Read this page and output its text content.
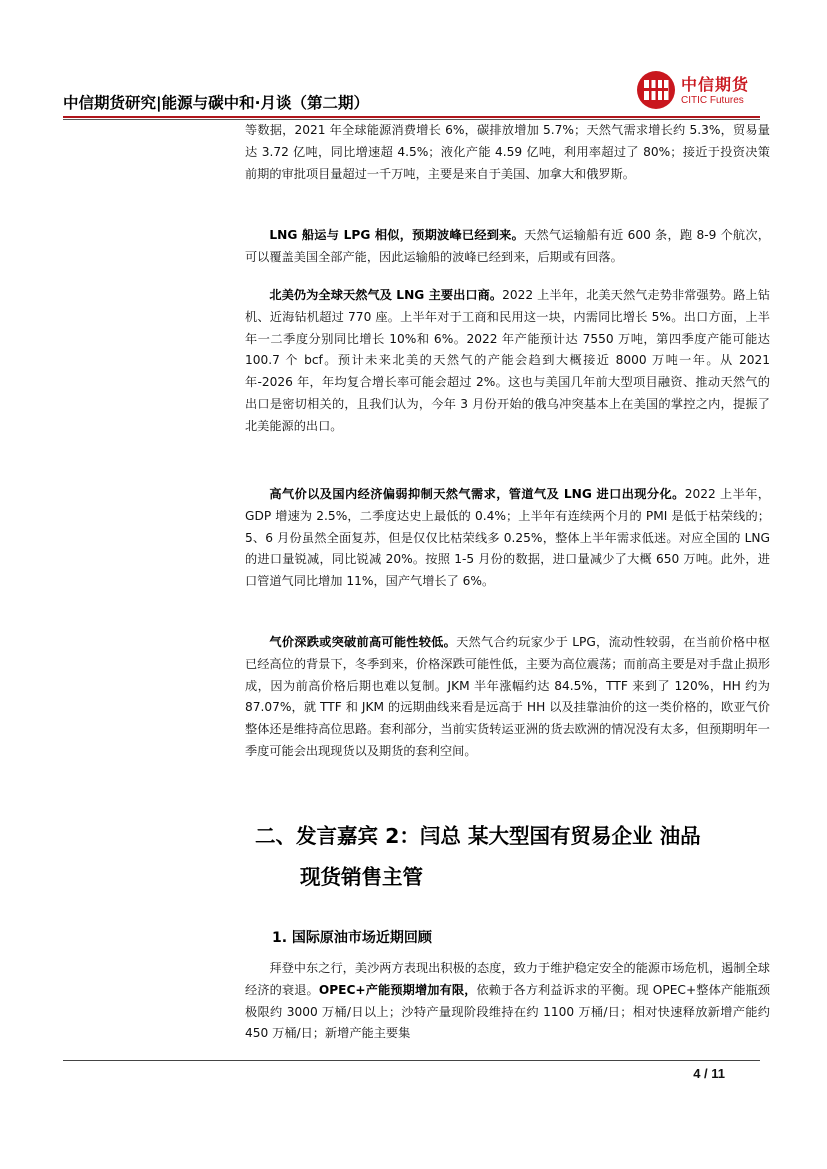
中信期货研究|能源与碳中和·月谈（第二期）
中信期货
CITIC Futures

等数据，2021 年全球能源消费增长 6%，碳排放增加 5.7%；天然气需求增长约 5.3%，贸易量达 3.72 亿吨，同比增速超 4.5%；液化产能 4.59 亿吨，利用率超过了 80%；接近于投资决策前期的审批项目量超过一千万吨，主要是来自于美国、加拿大和俄罗斯。

LNG 船运与 LPG 相似，预期波峰已经到来。天然气运输船有近 600 条，跑 8-9 个航次，可以覆盖美国全部产能，因此运输船的波峰已经到来，后期或有回落。

北美仍为全球天然气及 LNG 主要出口商。2022 上半年，北美天然气走势非常强势。路上钻机、近海钻机超过 770 座。上半年对于工商和民用这一块，内需同比增长 5%。出口方面，上半年一二季度分别同比增长 10%和 6%。2022 年产能预计达 7550 万吨，第四季度产能可能达 100.7 个 bcf。预计未来北美的天然气的产能会趋到大概接近 8000 万吨一年。从 2021 年-2026 年，年均复合增长率可能会超过 2%。这也与美国几年前大型项目融资、推动天然气的出口是密切相关的，且我们认为，今年 3 月份开始的俄乌冲突基本上在美国的掌控之内，提振了北美能源的出口。

高气价以及国内经济偏弱抑制天然气需求，管道气及 LNG 进口出现分化。2022 上半年，GDP 增速为 2.5%，二季度达史上最低的 0.4%；上半年有连续两个月的 PMI 是低于枯荣线的；5、6 月份虽然全面复苏，但是仅仅比枯荣线多 0.25%，整体上半年需求低迷。对应全国的 LNG 的进口量锐减，同比锐减 20%。按照 1-5 月份的数据，进口量减少了大概 650 万吨。此外，进口管道气同比增加 11%，国产气增长了 6%。

气价深跌或突破前高可能性较低。天然气合约玩家少于 LPG，流动性较弱，在当前价格中枢已经高位的背景下，冬季到来，价格深跌可能性低，主要为高位震荡；而前高主要是对手盘止损形成，因为前高价格后期也难以复制。JKM 半年涨幅约达 84.5%，TTF 来到了 120%，HH 约为 87.07%，就 TTF 和 JKM 的远期曲线来看是远高于 HH 以及挂靠油价的这一类价格的，欧亚气价整体还是维持高位思路。套利部分，当前实货转运亚洲的货去欧洲的情况没有太多，但预期明年一季度可能会出现现货以及期货的套利空间。

二、发言嘉宾 2：闫总 某大型国有贸易企业 油品
现货销售主管
1. 国际原油市场近期回顾

拜登中东之行，美沙两方表现出积极的态度，致力于维护稳定安全的能源市场危机，遏制全球经济的衰退。OPEC+产能预期增加有限，依赖于各方利益诉求的平衡。现 OPEC+整体产能瓶颈极限约 3000 万桶/日以上；沙特产量现阶段维持在约 1100 万桶/日；相对快速释放新增产能约 450 万桶/日；新增产能主要集

4 / 11
